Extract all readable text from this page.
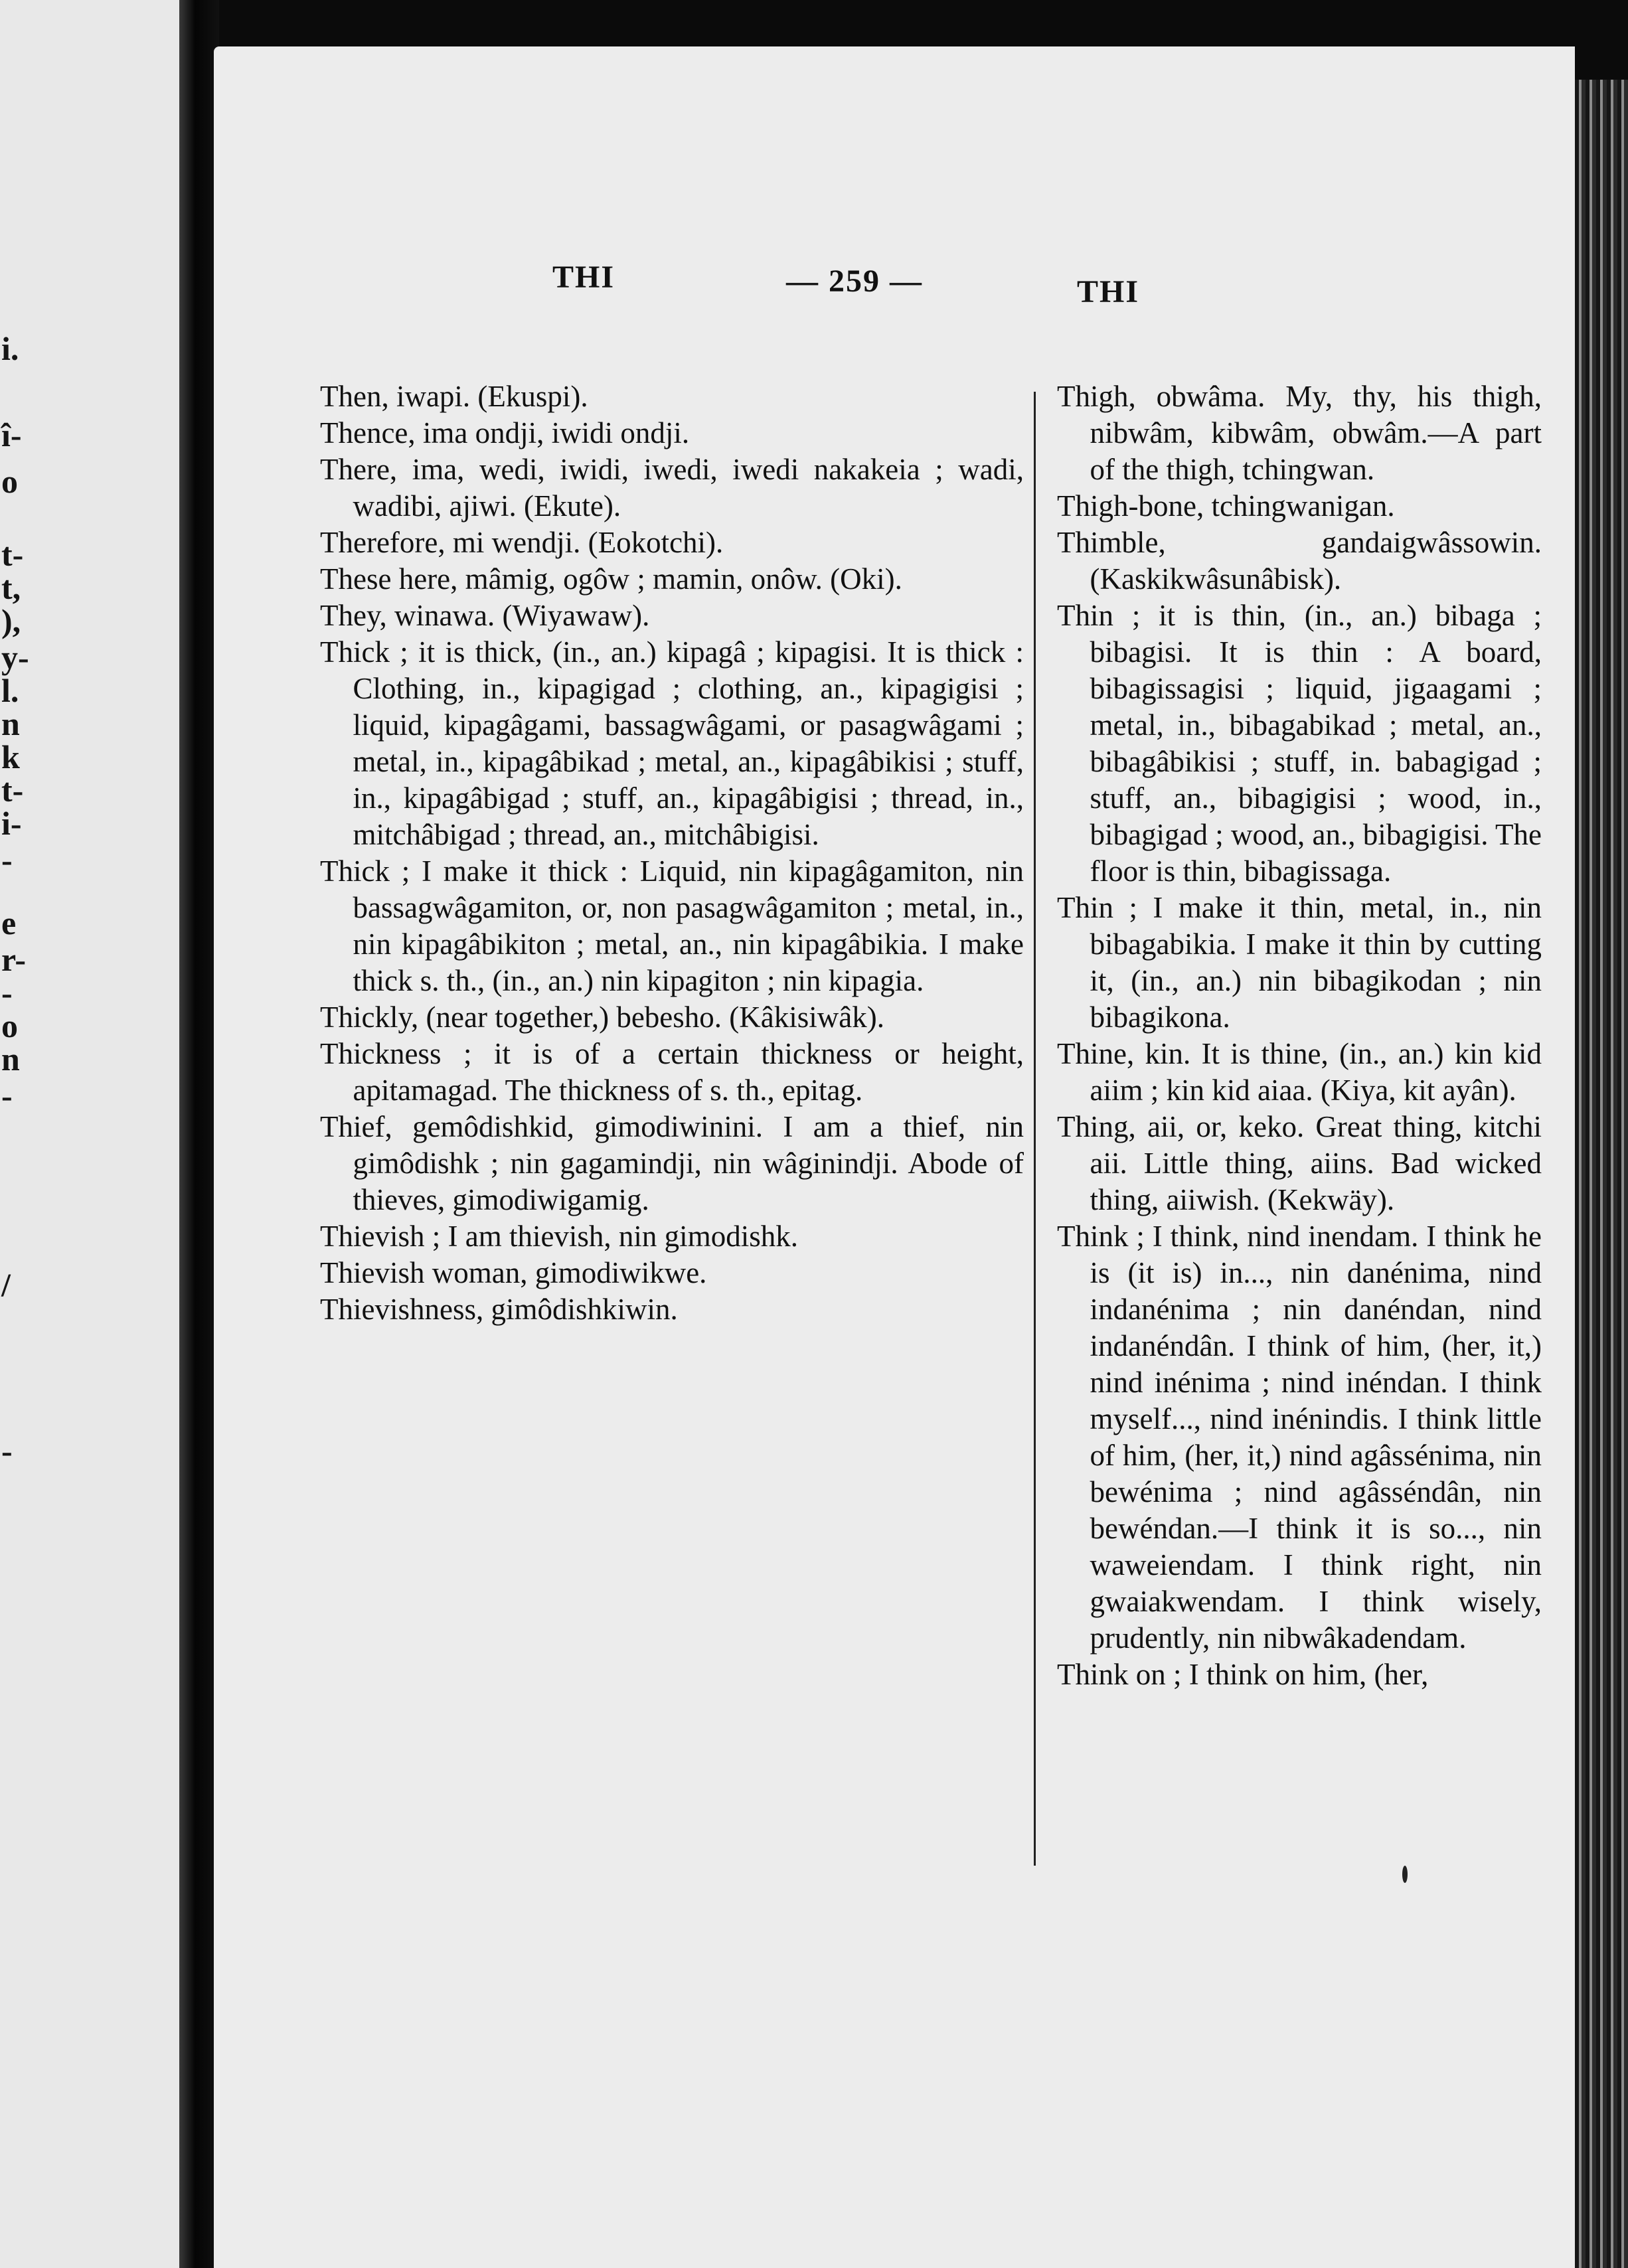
i.
î-
o
t-
t,
),
y-
l.
n
k
t-
i-
-
e
r-
-
o
n
-
/
-
THI	— 259 —	THI

Then, iwapi. (Ekuspi).

Thence, ima ondji, iwidi ondji.

There, ima, wedi, iwidi, iwedi, iwedi nakakeia ; wadi, wadibi, ajiwi. (Ekute).

Therefore, mi wendji. (Eokotchi).

These here, mâmig, ogôw ; mamin, onôw. (Oki).

They, winawa. (Wiyawaw).

Thick ; it is thick, (in., an.) kipagâ ; kipagisi. It is thick : Clothing, in., kipagigad ; clothing, an., kipagigisi ; liquid, kipagâgami, bassagwâgami, or pasagwâgami ; metal, in., kipagâbikad ; metal, an., kipagâbikisi ; stuff, in., kipagâbigad ; stuff, an., kipagâbigisi ; thread, in., mitchâbigad ; thread, an., mitchâbigisi.

Thick ; I make it thick : Liquid, nin kipagâgamiton, nin bassagwâgamiton, or, non pasagwâgamiton ; metal, in., nin kipagâbikiton ; metal, an., nin kipagâbikia. I make thick s. th., (in., an.) nin kipagiton ; nin kipagia.

Thickly, (near together,) bebesho. (Kâkisiwâk).

Thickness ; it is of a certain thickness or height, apitamagad. The thickness of s. th., epitag.

Thief, gemôdishkid, gimodiwinini. I am a thief, nin gimôdishk ; nin gagamindji, nin wâginindji. Abode of thieves, gimodiwigamig.

Thievish ; I am thievish, nin gimodishk.

Thievish woman, gimodiwikwe.

Thievishness, gimôdishkiwin.

Thigh, obwâma. My, thy, his thigh, nibwâm, kibwâm, obwâm.—A part of the thigh, tchingwan.

Thigh-bone, tchingwanigan.

Thimble, gandaigwâssowin. (Kaskikwâsunâbisk).

Thin ; it is thin, (in., an.) bibaga ; bibagisi. It is thin : A board, bibagissagisi ; liquid, jigaagami ; metal, in., bibagabikad ; metal, an., bibagâbikisi ; stuff, in. babagigad ; stuff, an., bibagigisi ; wood, in., bibagigad ; wood, an., bibagigisi. The floor is thin, bibagissaga.

Thin ; I make it thin, metal, in., nin bibagabikia. I make it thin by cutting it, (in., an.) nin bibagikodan ; nin bibagikona.

Thine, kin. It is thine, (in., an.) kin kid aiim ; kin kid aiaa. (Kiya, kit ayân).

Thing, aii, or, keko. Great thing, kitchi aii. Little thing, aiins. Bad wicked thing, aiiwish. (Kekwäy).

Think ; I think, nind inendam. I think he is (it is) in..., nin danénima, nind indanénima ; nin danéndan, nind indanéndân. I think of him, (her, it,) nind inénima ; nind inéndan. I think myself..., nind inénindis. I think little of him, (her, it,) nind agâssénima, nin bewénima ; nind agâsséndân, nin bewéndan.—I think it is so..., nin waweiendam. I think right, nin gwaiakwendam. I think wisely, prudently, nin nibwâkadendam.

Think on ; I think on him, (her,
